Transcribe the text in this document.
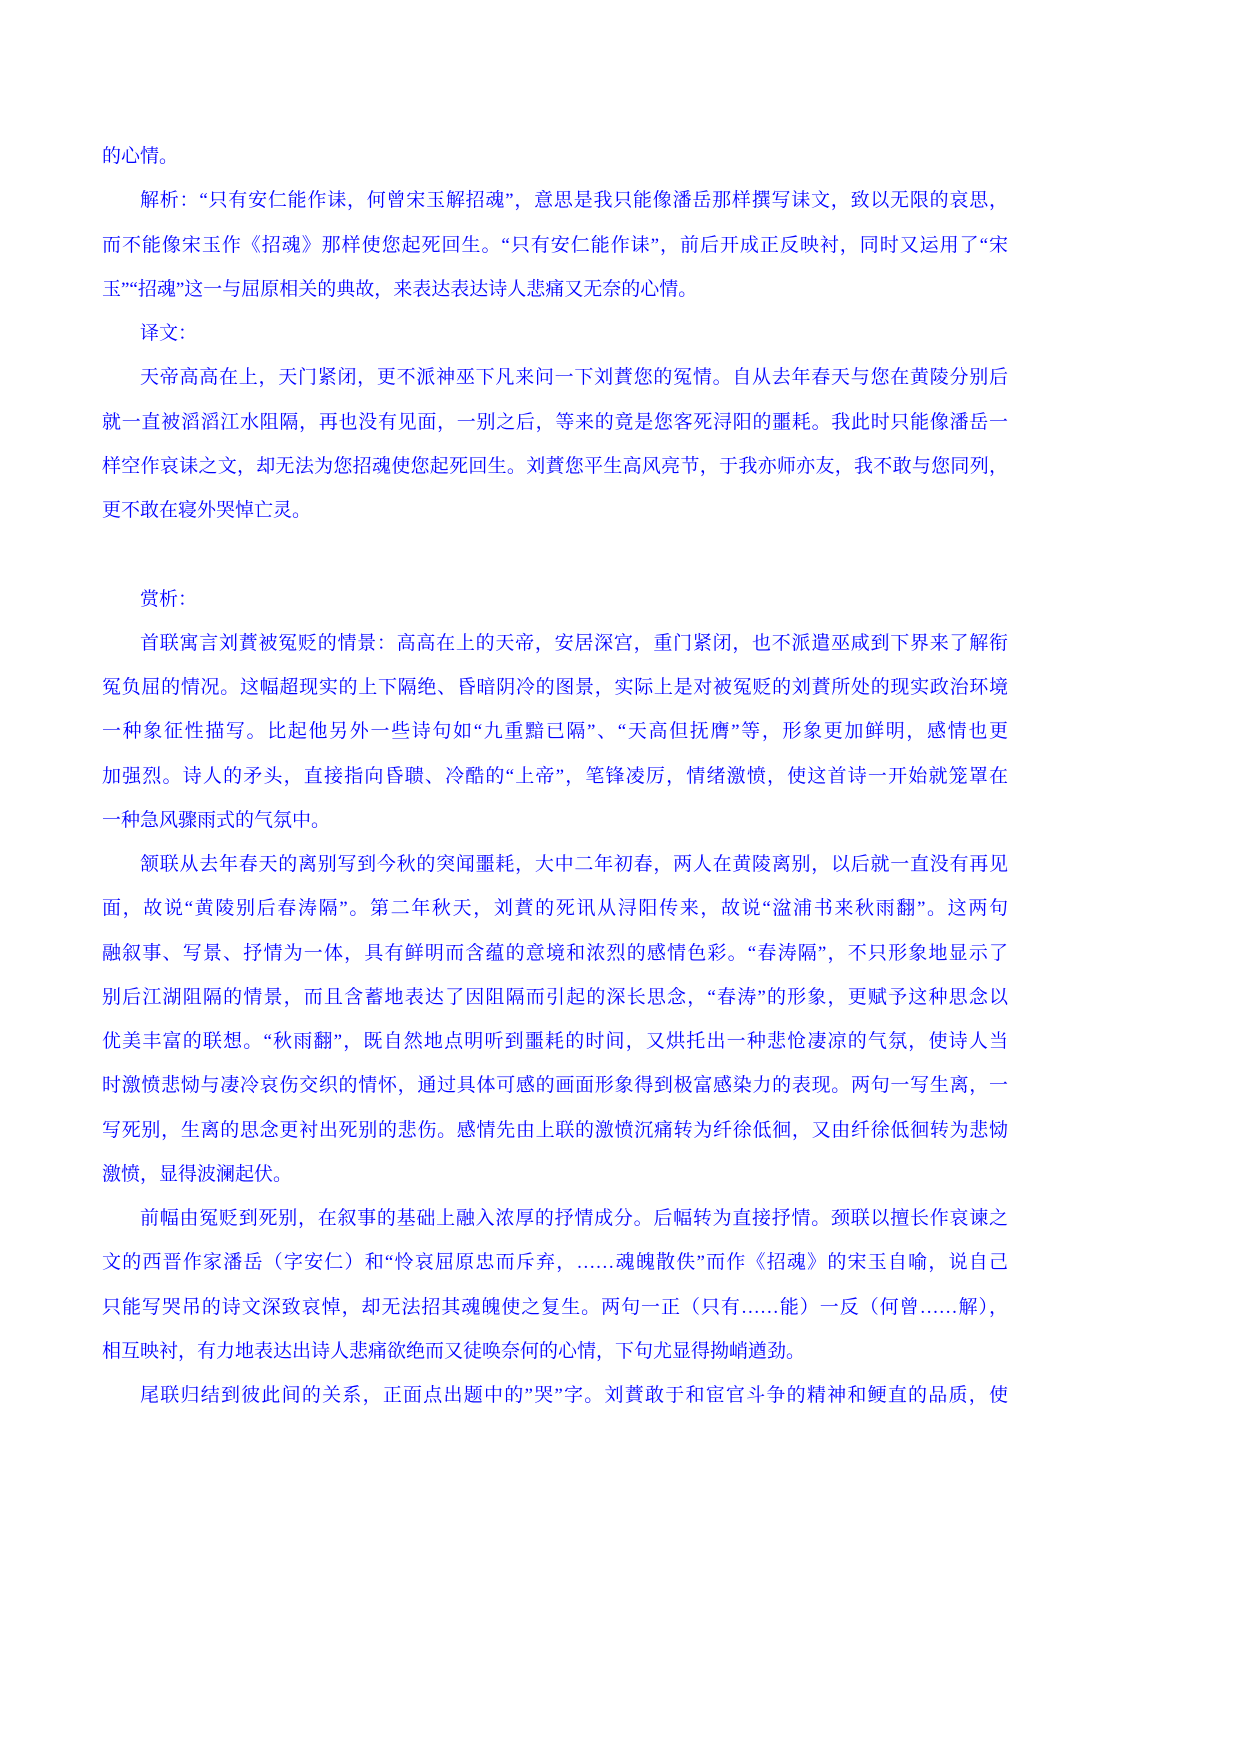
的心情。
解析：“只有安仁能作诔，何曾宋玉解招魂”，意思是我只能像潘岳那样撰写诔文，致以无限的哀思，
而不能像宋玉作《招魂》那样使您起死回生。“只有安仁能作诔”，前后开成正反映衬，同时又运用了“宋
玉”“招魂”这一与屈原相关的典故，来表达表达诗人悲痛又无奈的心情。
译文：
天帝高高在上，天门紧闭，更不派神巫下凡来问一下刘蕡您的冤情。自从去年春天与您在黄陵分别后
就一直被滔滔江水阻隔，再也没有见面，一别之后，等来的竟是您客死浔阳的噩耗。我此时只能像潘岳一
样空作哀诔之文，却无法为您招魂使您起死回生。刘蕡您平生高风亮节，于我亦师亦友，我不敢与您同列，
更不敢在寝外哭悼亡灵。
赏析：
首联寓言刘蕡被冤贬的情景：高高在上的天帝，安居深宫，重门紧闭，也不派遣巫咸到下界来了解衔
冤负屈的情况。这幅超现实的上下隔绝、昏暗阴冷的图景，实际上是对被冤贬的刘蕡所处的现实政治环境
一种象征性描写。比起他另外一些诗句如“九重黯已隔”、“天高但抚膺”等，形象更加鲜明，感情也更
加强烈。诗人的矛头，直接指向昏聩、冷酷的“上帝”，笔锋凌厉，情绪激愤，使这首诗一开始就笼罩在
一种急风骤雨式的气氛中。
颔联从去年春天的离别写到今秋的突闻噩耗，大中二年初春，两人在黄陵离别，以后就一直没有再见
面，故说“黄陵别后春涛隔”。第二年秋天，刘蕡的死讯从浔阳传来，故说“湓浦书来秋雨翻”。这两句
融叙事、写景、抒情为一体，具有鲜明而含蕴的意境和浓烈的感情色彩。“春涛隔”，不只形象地显示了
别后江湖阻隔的情景，而且含蓄地表达了因阻隔而引起的深长思念，“春涛”的形象，更赋予这种思念以
优美丰富的联想。“秋雨翻”，既自然地点明听到噩耗的时间，又烘托出一种悲怆凄凉的气氛，使诗人当
时激愤悲恸与凄冷哀伤交织的情怀，通过具体可感的画面形象得到极富感染力的表现。两句一写生离，一
写死别，生离的思念更衬出死别的悲伤。感情先由上联的激愤沉痛转为纤徐低徊，又由纤徐低徊转为悲恸
激愤，显得波澜起伏。
前幅由冤贬到死别，在叙事的基础上融入浓厚的抒情成分。后幅转为直接抒情。颈联以擅长作哀谏之
文的西晋作家潘岳（字安仁）和“怜哀屈原忠而斥弃，……魂魄散佚”而作《招魂》的宋玉自喻，说自己
只能写哭吊的诗文深致哀悼，却无法招其魂魄使之复生。两句一正（只有……能）一反（何曾……解），
相互映衬，有力地表达出诗人悲痛欲绝而又徒唤奈何的心情，下句尤显得拗峭遒劲。
尾联归结到彼此间的关系，正面点出题中的”哭”字。刘蕡敢于和宦官斗争的精神和鲠直的品质，使
